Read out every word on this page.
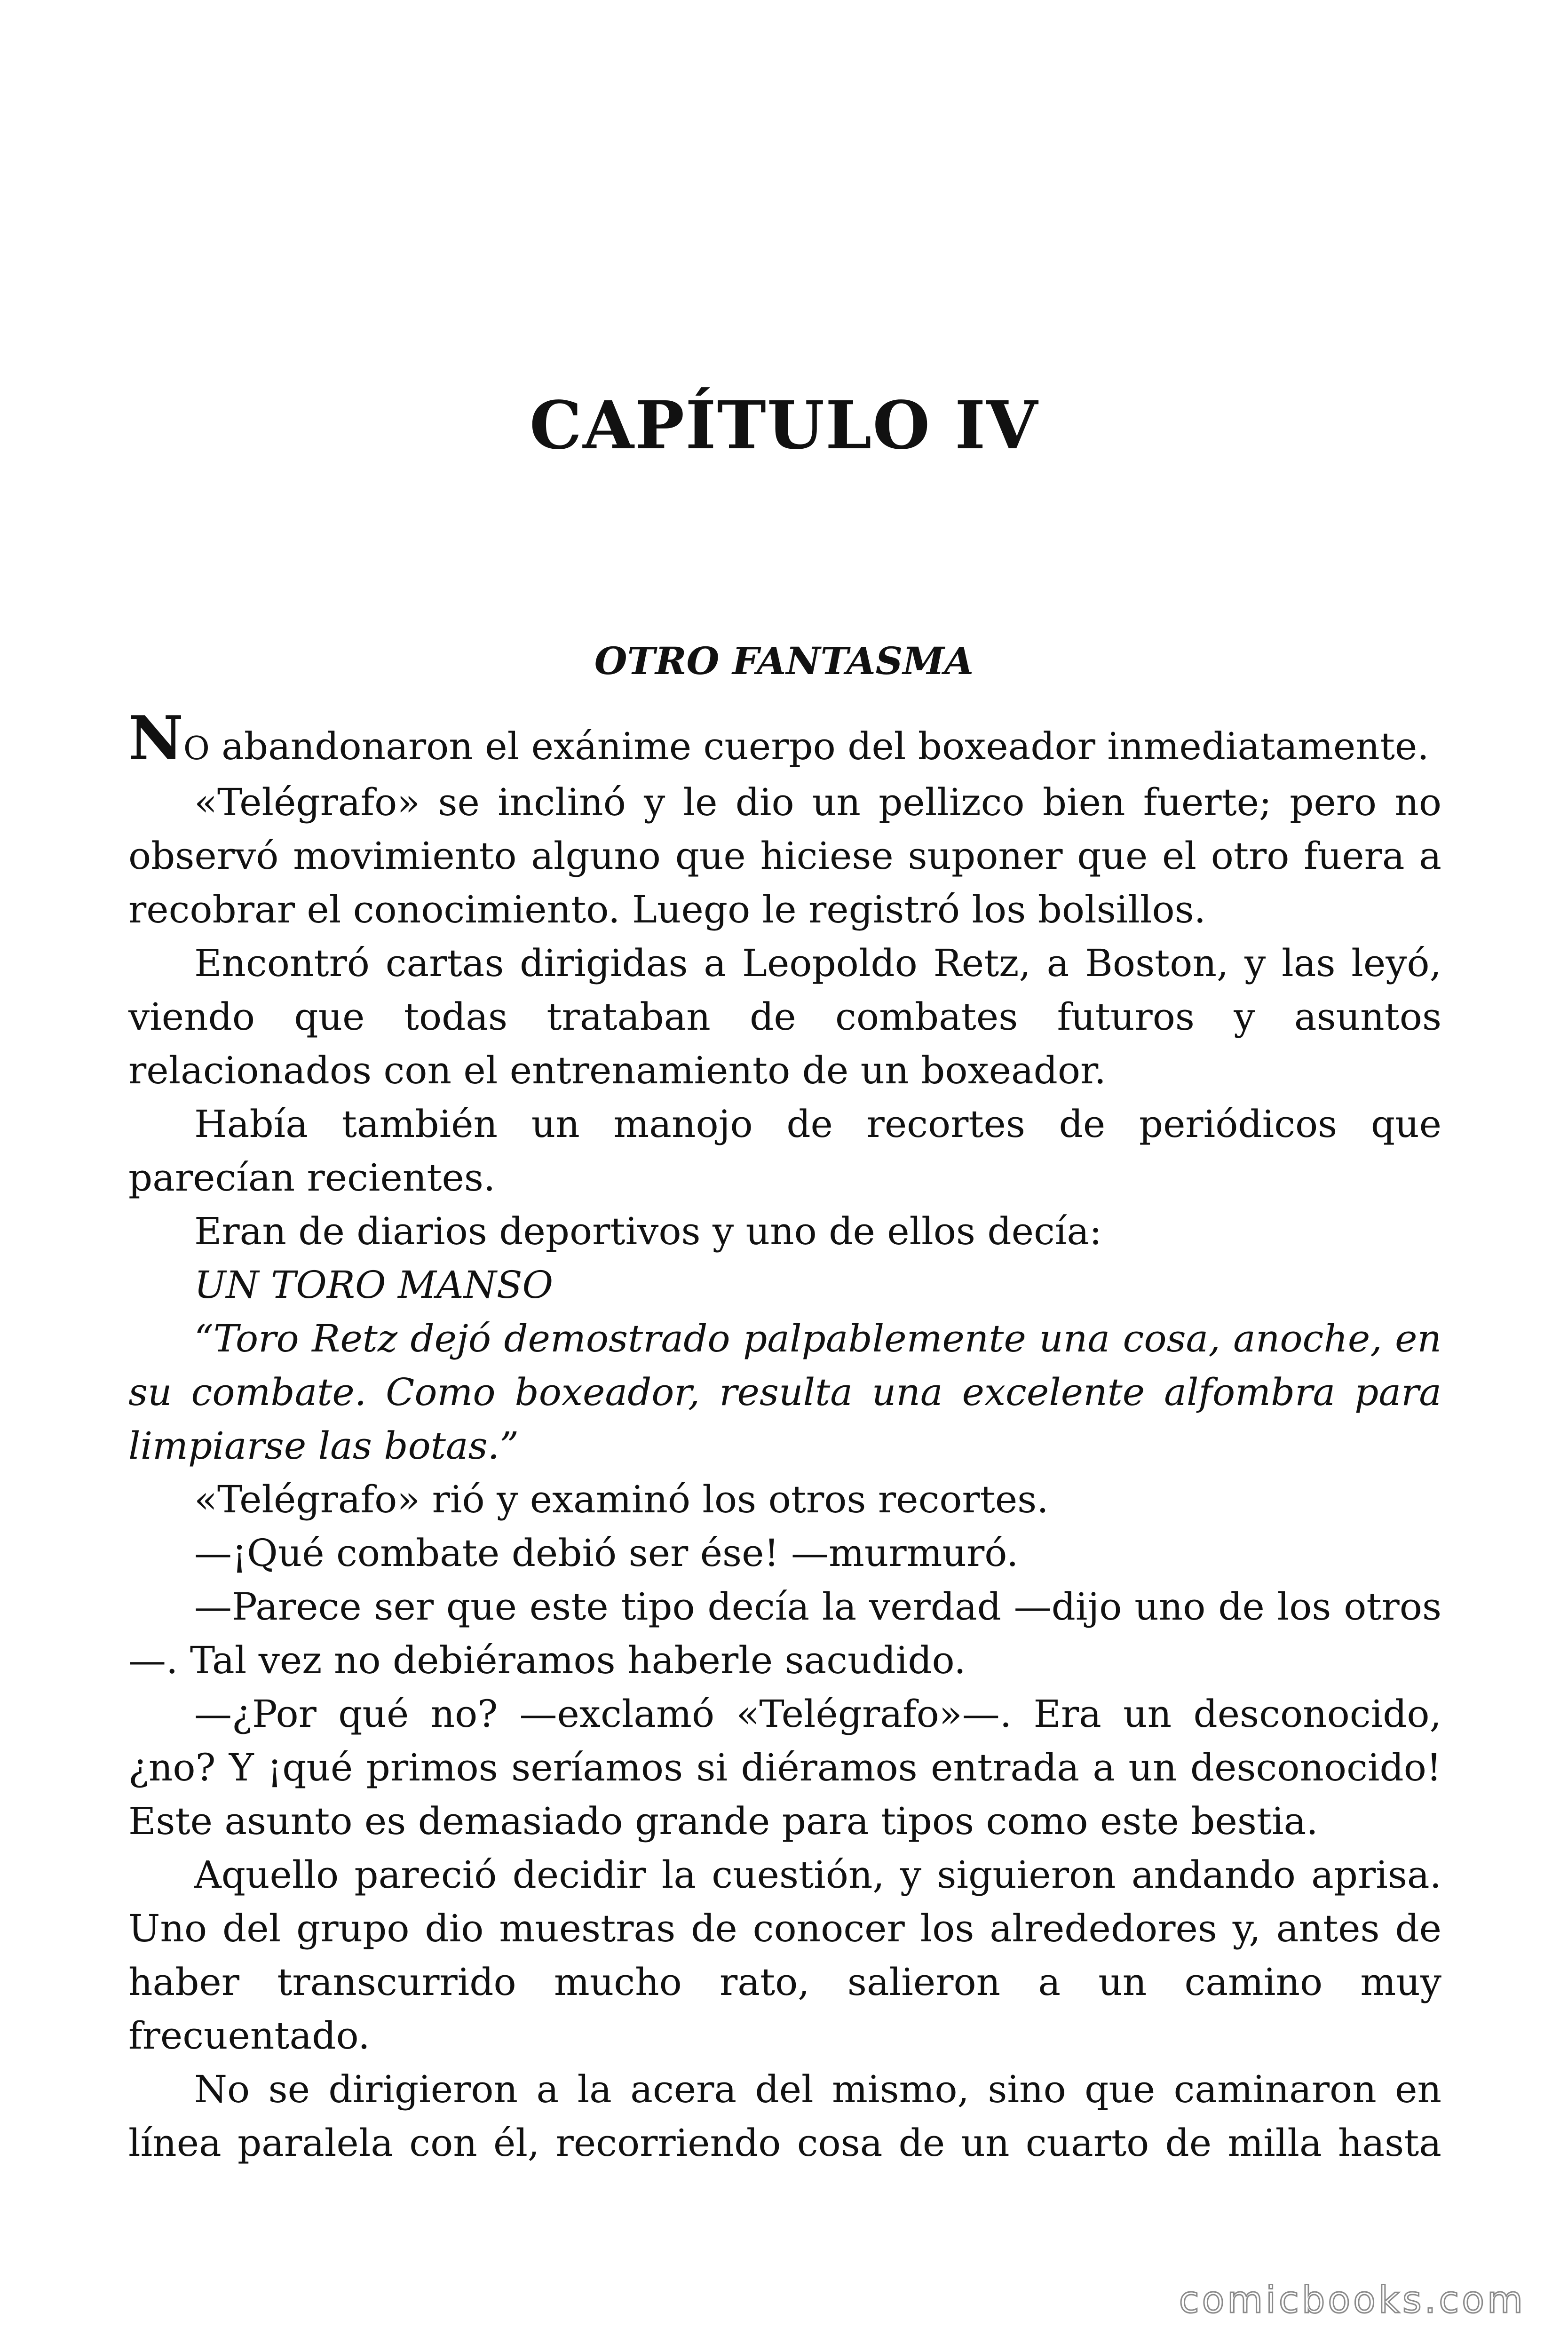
CAPÍTULO IV
OTRO FANTASMA

NO abandonaron el exánime cuerpo del boxeador inmediatamente.

«Telégrafo» se inclinó y le dio un pellizco bien fuerte; pero no observó movimiento alguno que hiciese suponer que el otro fuera a recobrar el conocimiento. Luego le registró los bolsillos.

Encontró cartas dirigidas a Leopoldo Retz, a Boston, y las leyó, viendo que todas trataban de combates futuros y asuntos relacionados con el entrenamiento de un boxeador.

Había también un manojo de recortes de periódicos que parecían recientes.

Eran de diarios deportivos y uno de ellos decía:

UN TORO MANSO

“Toro Retz dejó demostrado palpablemente una cosa, anoche, en su combate. Como boxeador, resulta una excelente alfombra para limpiarse las botas.”

«Telégrafo» rió y examinó los otros recortes.

—¡Qué combate debió ser ése! —murmuró.

—Parece ser que este tipo decía la verdad —dijo uno de los otros—. Tal vez no debiéramos haberle sacudido.

—¿Por qué no? —exclamó «Telégrafo»—. Era un desconocido, ¿no? Y ¡qué primos seríamos si diéramos entrada a un desconocido! Este asunto es demasiado grande para tipos como este bestia.

Aquello pareció decidir la cuestión, y siguieron andando aprisa. Uno del grupo dio muestras de conocer los alrededores y, antes de haber transcurrido mucho rato, salieron a un camino muy frecuentado.

No se dirigieron a la acera del mismo, sino que caminaron en línea paralela con él, recorriendo cosa de un cuarto de milla hasta

comicbooks.com
